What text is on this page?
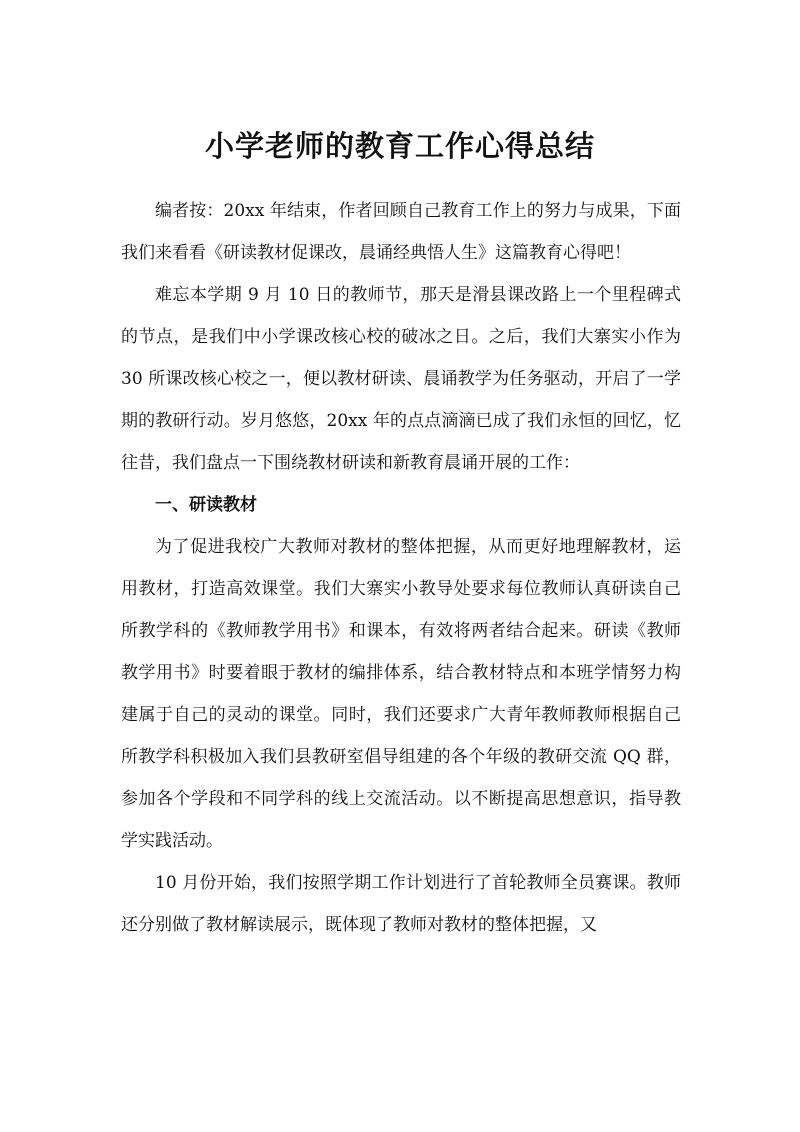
小学老师的教育工作心得总结

编者按：20xx 年结束，作者回顾自己教育工作上的努力与成果，下面我们来看看《研读教材促课改，晨诵经典悟人生》这篇教育心得吧！

难忘本学期 9 月 10 日的教师节，那天是滑县课改路上一个里程碑式的节点，是我们中小学课改核心校的破冰之日。之后，我们大寨实小作为 30 所课改核心校之一，便以教材研读、晨诵教学为任务驱动，开启了一学期的教研行动。岁月悠悠，20xx 年的点点滴滴已成了我们永恒的回忆，忆往昔，我们盘点一下围绕教材研读和新教育晨诵开展的工作：

一、研读教材

为了促进我校广大教师对教材的整体把握，从而更好地理解教材，运用教材，打造高效课堂。我们大寨实小教导处要求每位教师认真研读自己所教学科的《教师教学用书》和课本，有效将两者结合起来。研读《教师教学用书》时要着眼于教材的编排体系，结合教材特点和本班学情努力构建属于自己的灵动的课堂。同时，我们还要求广大青年教师教师根据自己所教学科积极加入我们县教研室倡导组建的各个年级的教研交流 QQ 群，参加各个学段和不同学科的线上交流活动。以不断提高思想意识，指导教学实践活动。

10 月份开始，我们按照学期工作计划进行了首轮教师全员赛课。教师还分别做了教材解读展示，既体现了教师对教材的整体把握，又
